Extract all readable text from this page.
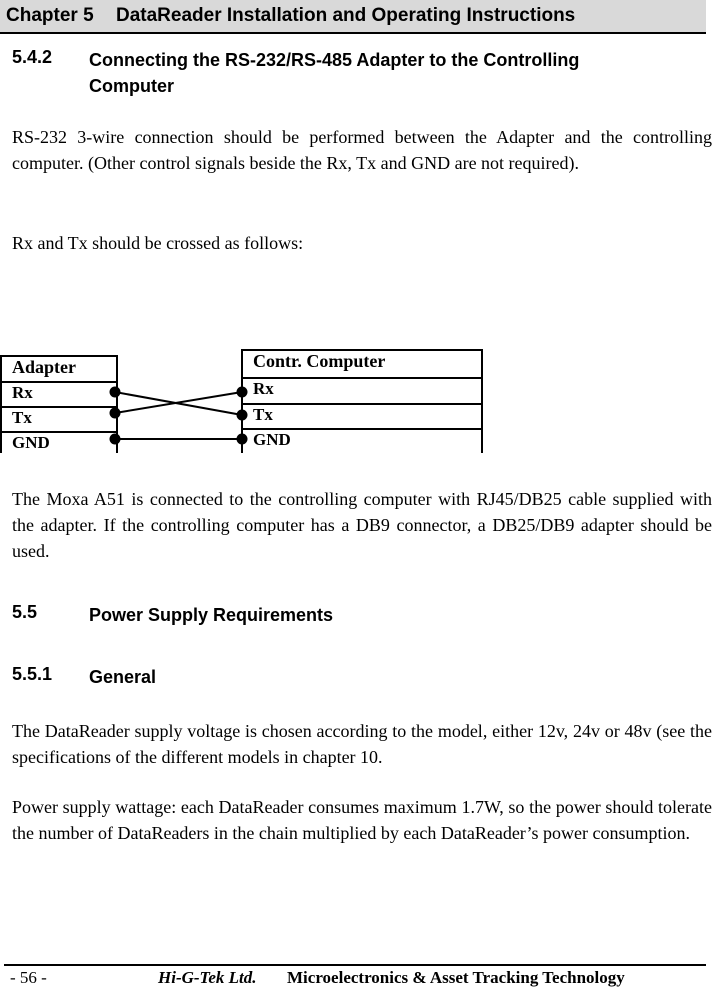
Chapter 5 DataReader Installation and Operating Instructions
5.4.2 Connecting the RS-232/RS-485 Adapter to the Controlling Computer

RS-232 3-wire connection should be performed between the Adapter and the controlling computer. (Other control signals beside the Rx, Tx and GND are not required).

Rx and Tx should be crossed as follows:

Adapter
Rx
Tx
GND
Contr. Computer
Rx
Tx
GND

The Moxa A51 is connected to the controlling computer with RJ45/DB25 cable supplied with the adapter. If the controlling computer has a DB9 connector, a DB25/DB9 adapter should be used.

5.5	Power Supply Requirements
5.5.1 General

The DataReader supply voltage is chosen according to the model, either 12v, 24v or 48v (see the specifications of the different models in chapter 10.

Power supply wattage: each DataReader consumes maximum 1.7W, so the power should tolerate the number of DataReaders in the chain multiplied by each DataReader’s power consumption.

- 56 -	Hi-G-Tek Ltd. Microelectronics & Asset Tracking Technology
